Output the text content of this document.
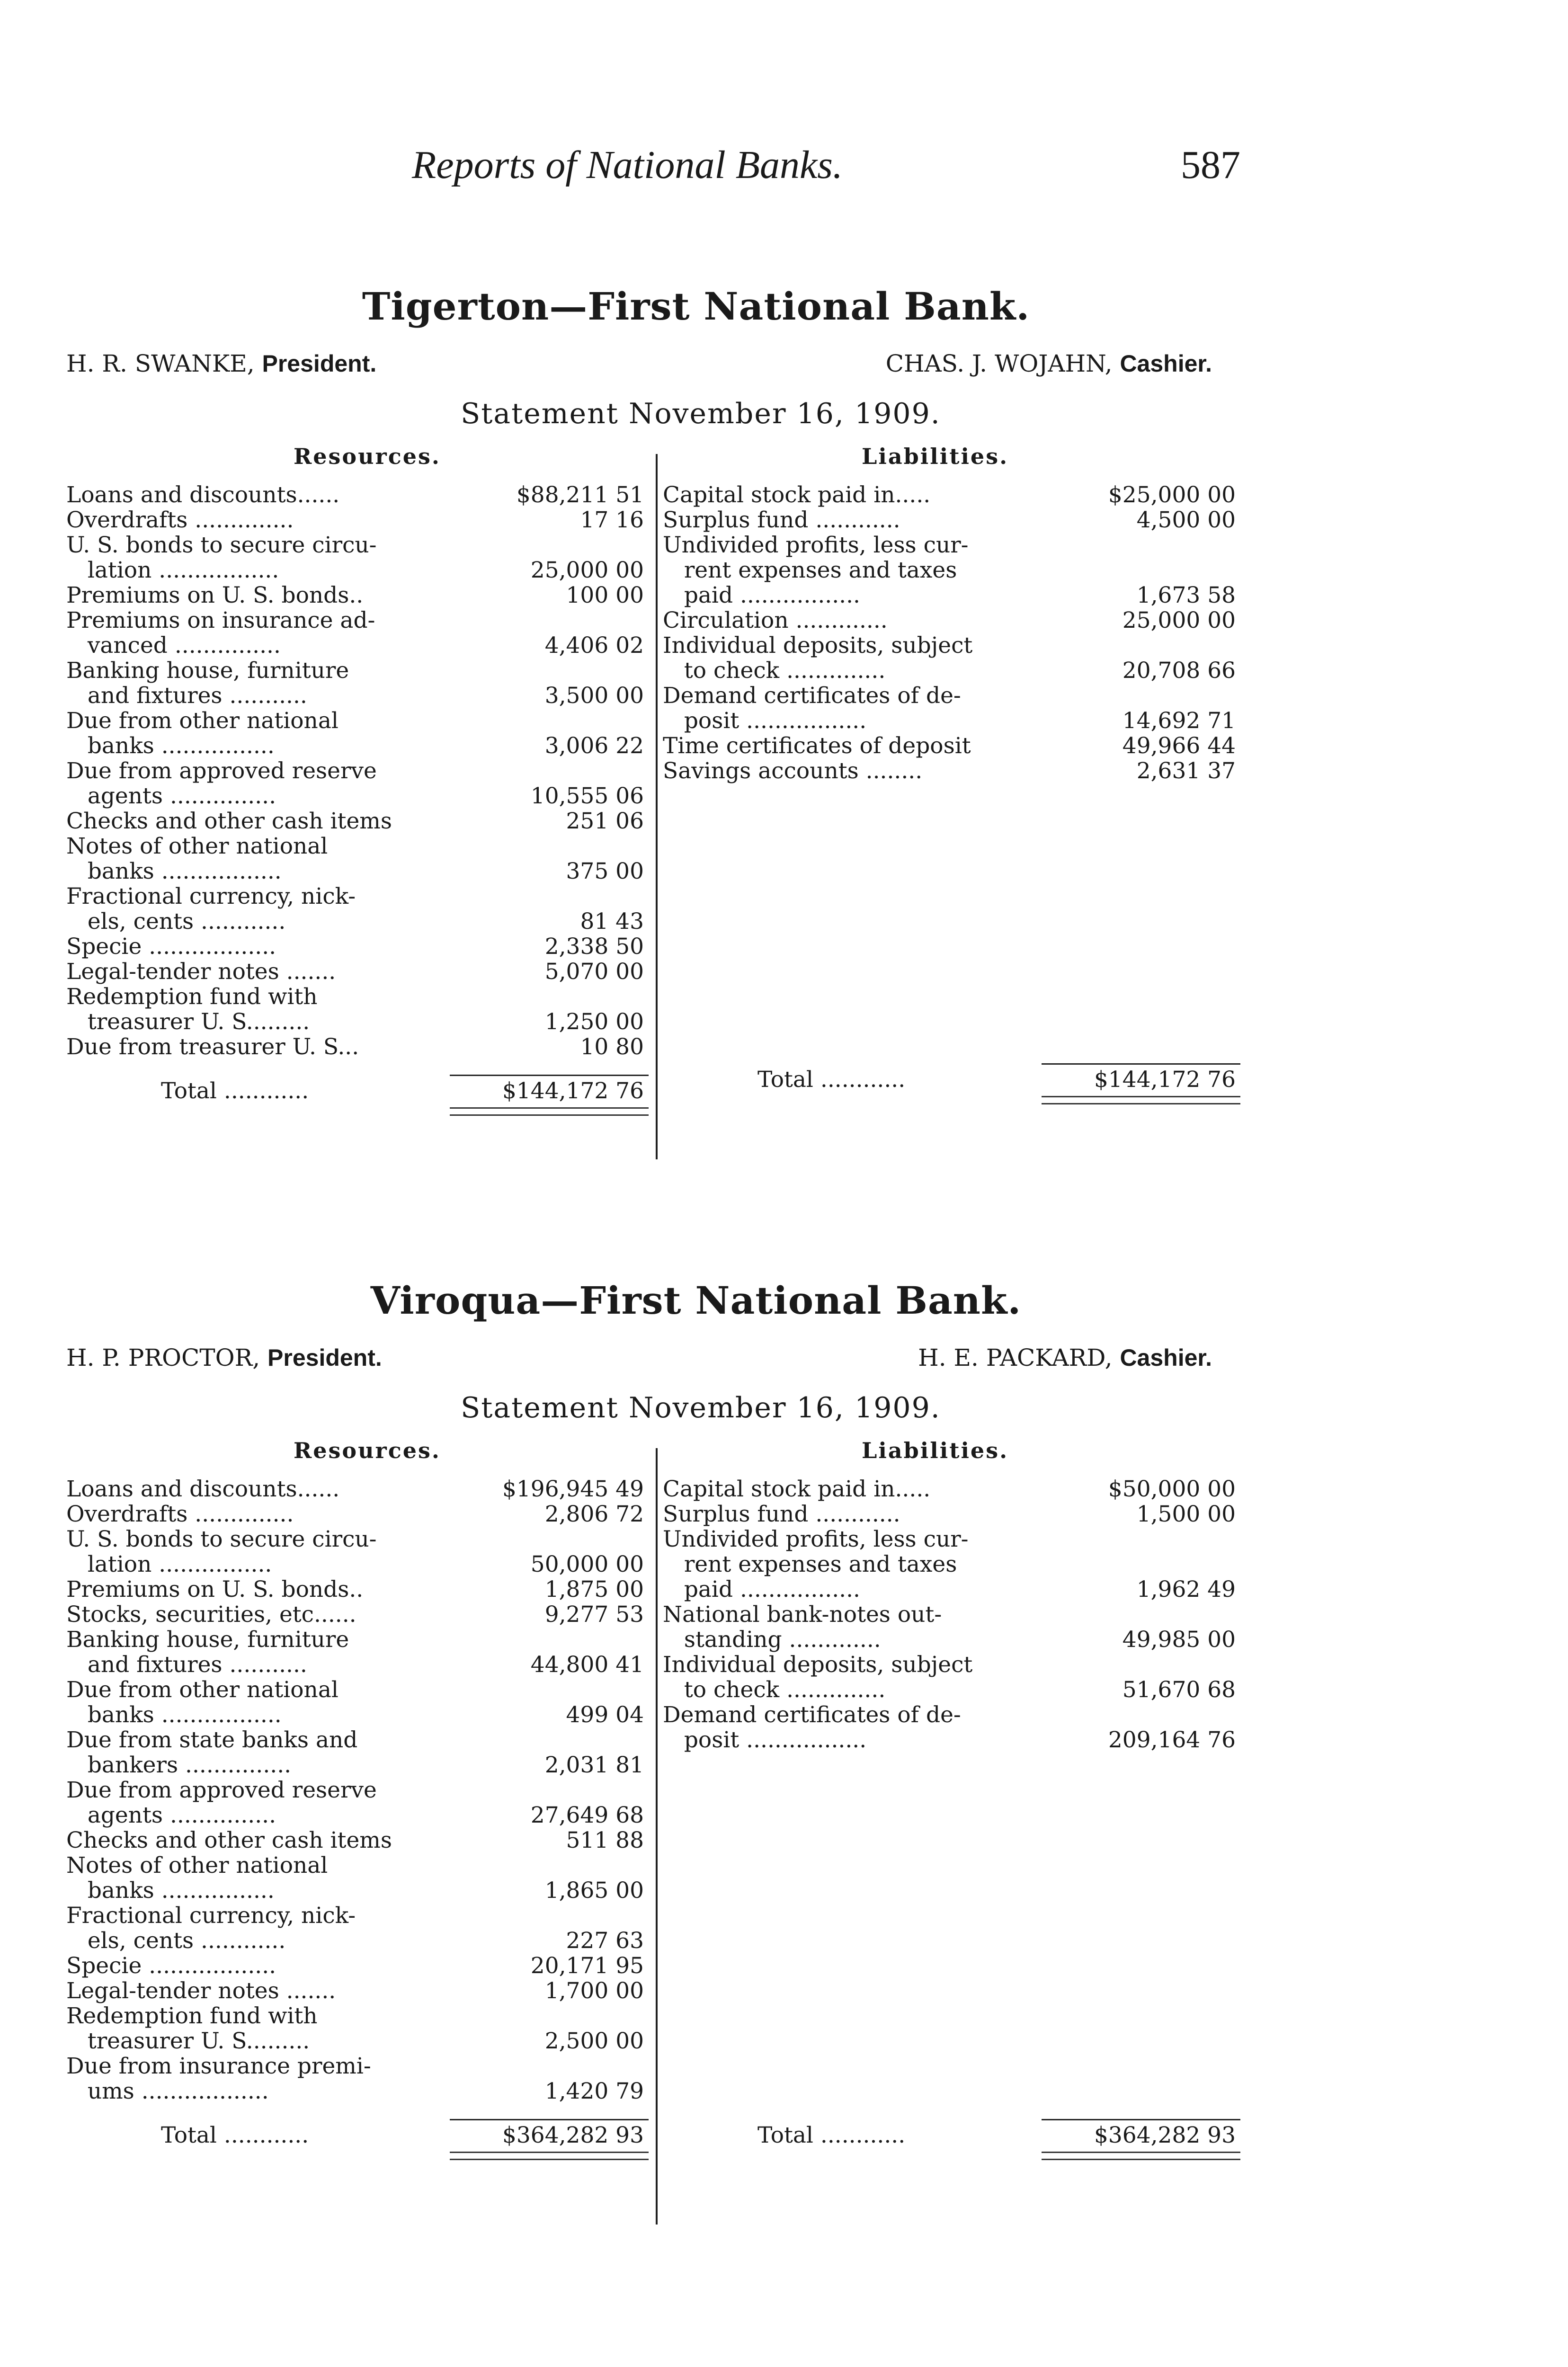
Reports of National Banks.	587
Tigerton—First National Bank.
H. R. SWANKE, President.	CHAS. J. WOJAHN, Cashier.
Statement November 16, 1909.
Resources.
Loans and discounts......	$88,211 51
Overdrafts ..............	17 16
U. S. bonds to secure circu-
lation .................	25,000 00
Premiums on U. S. bonds..	100 00
Premiums on insurance ad-
vanced ...............	4,406 02
Banking house, furniture
and fixtures ...........	3,500 00
Due from other national
banks ................	3,006 22
Due from approved reserve
agents ...............	10,555 06
Checks and other cash items	251 06
Notes of other national
banks .................	375 00
Fractional currency, nick-
els, cents ............	81 43
Specie ..................	2,338 50
Legal-tender notes .......	5,070 00
Redemption fund with
treasurer U. S.........	1,250 00
Due from treasurer U. S...	10 80
Total ............	$144,172 76
Liabilities.
Capital stock paid in.....	$25,000 00
Surplus fund ............	4,500 00
Undivided profits, less cur-
rent expenses and taxes
paid .................	1,673 58
Circulation .............	25,000 00
Individual deposits, subject
to check ..............	20,708 66
Demand certificates of de-
posit .................	14,692 71
Time certificates of deposit	49,966 44
Savings accounts ........	2,631 37
Total ............	$144,172 76
Viroqua—First National Bank.
H. P. PROCTOR, President.	H. E. PACKARD, Cashier.
Statement November 16, 1909.
Resources.
Loans and discounts......	$196,945 49
Overdrafts ..............	2,806 72
U. S. bonds to secure circu-
lation ................	50,000 00
Premiums on U. S. bonds..	1,875 00
Stocks, securities, etc......	9,277 53
Banking house, furniture
and fixtures ...........	44,800 41
Due from other national
banks .................	499 04
Due from state banks and
bankers ...............	2,031 81
Due from approved reserve
agents ...............	27,649 68
Checks and other cash items	511 88
Notes of other national
banks ................	1,865 00
Fractional currency, nick-
els, cents ............	227 63
Specie ..................	20,171 95
Legal-tender notes .......	1,700 00
Redemption fund with
treasurer U. S.........	2,500 00
Due from insurance premi-
ums ..................	1,420 79
Total ............	$364,282 93
Liabilities.
Capital stock paid in.....	$50,000 00
Surplus fund ............	1,500 00
Undivided profits, less cur-
rent expenses and taxes
paid .................	1,962 49
National bank-notes out-
standing .............	49,985 00
Individual deposits, subject
to check ..............	51,670 68
Demand certificates of de-
posit .................	209,164 76
Total ............	$364,282 93
